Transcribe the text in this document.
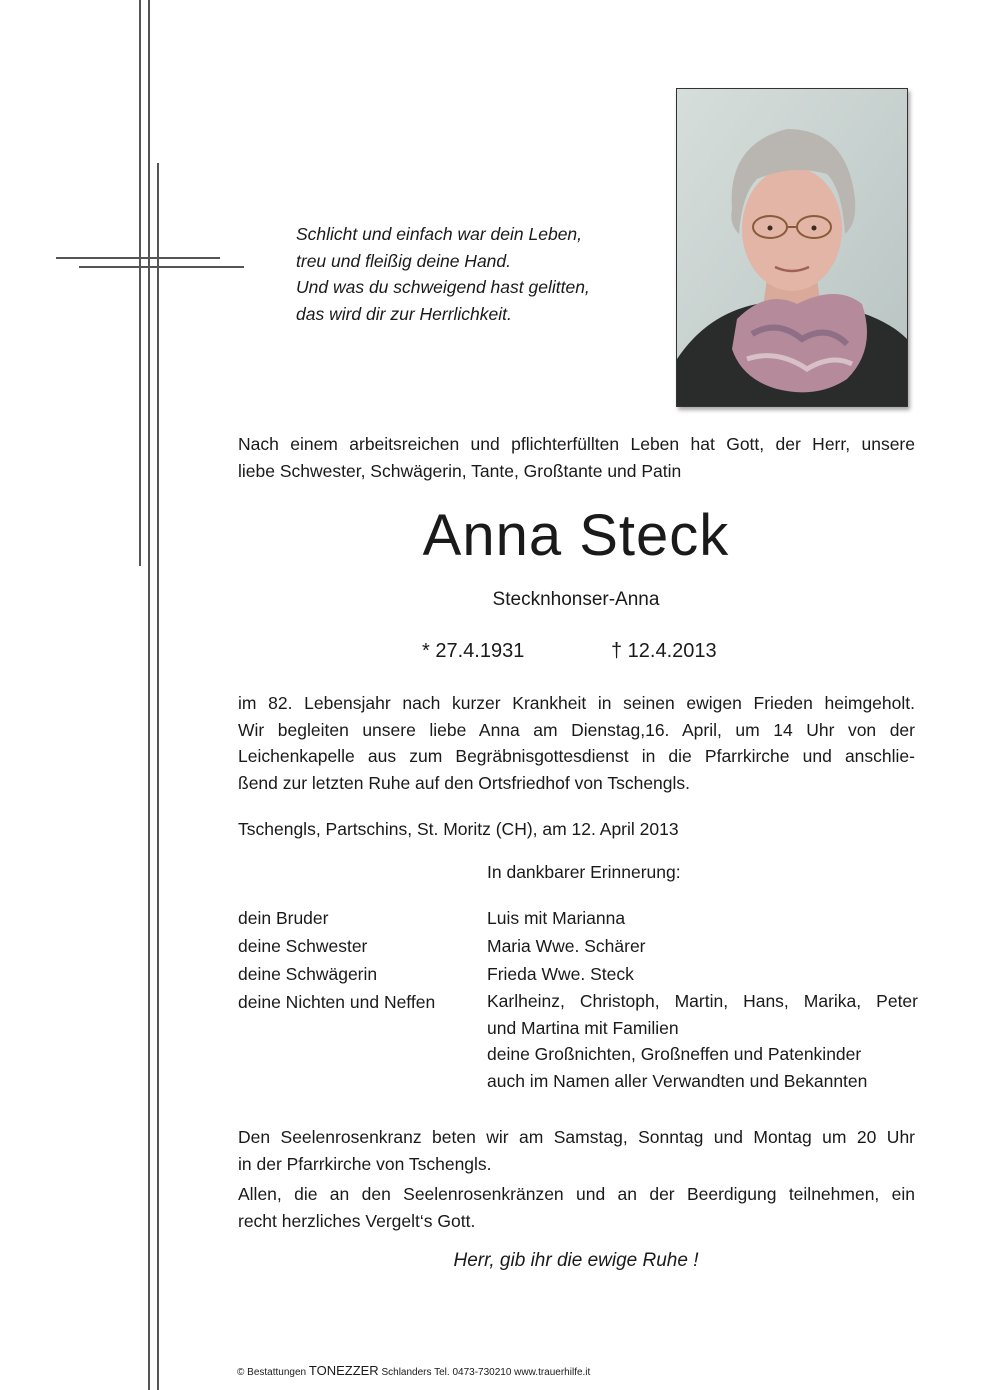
Schlicht und einfach war dein Leben,
treu und fleißig deine Hand.
Und was du schweigend hast gelitten,
das wird dir zur Herrlichkeit.
Nach einem arbeitsreichen und pflichterfüllten Leben hat Gott, der Herr, unsere
liebe Schwester, Schwägerin, Tante, Großtante und Patin
Anna Steck
Stecknhonser-Anna
* 27.4.1931	† 12.4.2013
im 82. Lebensjahr nach kurzer Krankheit in seinen ewigen Frieden heimgeholt.
Wir begleiten unsere liebe Anna am Dienstag,16. April, um 14 Uhr von der
Leichenkapelle aus zum Begräbnisgottesdienst in die Pfarrkirche und anschlie-
ßend zur letzten Ruhe auf den Ortsfriedhof von Tschengls.
Tschengls, Partschins, St. Moritz (CH), am 12. April 2013
In dankbarer Erinnerung:
dein Bruder	Luis mit Marianna
deine Schwester	Maria Wwe. Schärer
deine Schwägerin	Frieda Wwe. Steck
deine Nichten und Neffen	Karlheinz, Christoph, Martin, Hans, Marika, Peter
und Martina mit Familien
deine Großnichten, Großneffen und Patenkinder
auch im Namen aller Verwandten und Bekannten
Den Seelenrosenkranz beten wir am Samstag, Sonntag und Montag um 20 Uhr
in der Pfarrkirche von Tschengls.
Allen, die an den Seelenrosenkränzen und an der Beerdigung teilnehmen, ein
recht herzliches Vergelt‘s Gott.
Herr, gib ihr die ewige Ruhe !
© Bestattungen TONEZZER Schlanders Tel. 0473-730210 www.trauerhilfe.it
